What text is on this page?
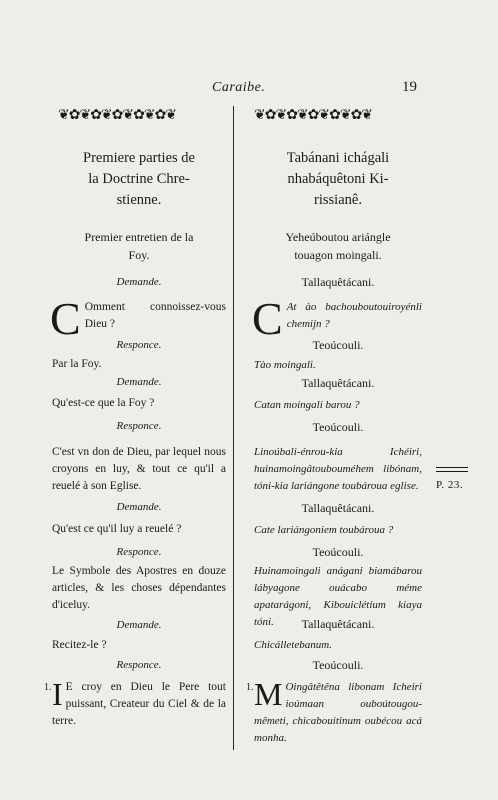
Caraibe.	19
❦✿❦✿❦✿❦✿❦✿❦	❦✿❦✿❦✿❦✿❦✿❦
Premiere parties de
la Doctrine Chre-
stienne.
Premier entretien de la
Foy.
Demande.
C Omment connoissez-vous Dieu ?
Responce.
Par la Foy.
Demande.
Qu'est-ce que la Foy ?
Responce.
C'est vn don de Dieu, par lequel nous croyons en luy, & tout ce qu'il a reuelé à son Eglise.
Demande.
Qu'est ce qu'il luy a reuelé ?
Responce.
Le Symbole des Apostres en douze articles, & les choses dépendantes d'iceluy.
Demande.
Recitez-le ?
Responce.
1. I E croy en Dieu le Pere tout puissant, Createur du Ciel & de la terre.
Tabánani ichágali
nhabáquêtoni Ki-
rissianê.
Yeheúboutou ariángle
touagon moingali.
Tallaquêtácani.
C At ào bachouboutouiroyénli chemijn ?
Teoúcouli.
Tào moingali.
Tallaquêtácani.
Catan moingali barou ?
Teoúcouli.
Linoúbali-énrou-kia Ichéiri, huinamoingâtoubouméhem libónam, tóni-kia lariángone toubároua eglise.
Tallaquêtácani.
Cate lariángoniem toubároua ?
Teoúcouli.
Huinamoingali anágani biamábarou lábyagone ouácabo méme apatarágoni, Kibouiclétium kiaya tóni.	Tallaquêtácani.
Chicálletebanum.
Teoúcouli.
1. M Oingâtêtêna libonam Icheiri ioúmaan ouboútougou-mêmeti, chicabouitinum oubécou acá monha.
P. 23.
